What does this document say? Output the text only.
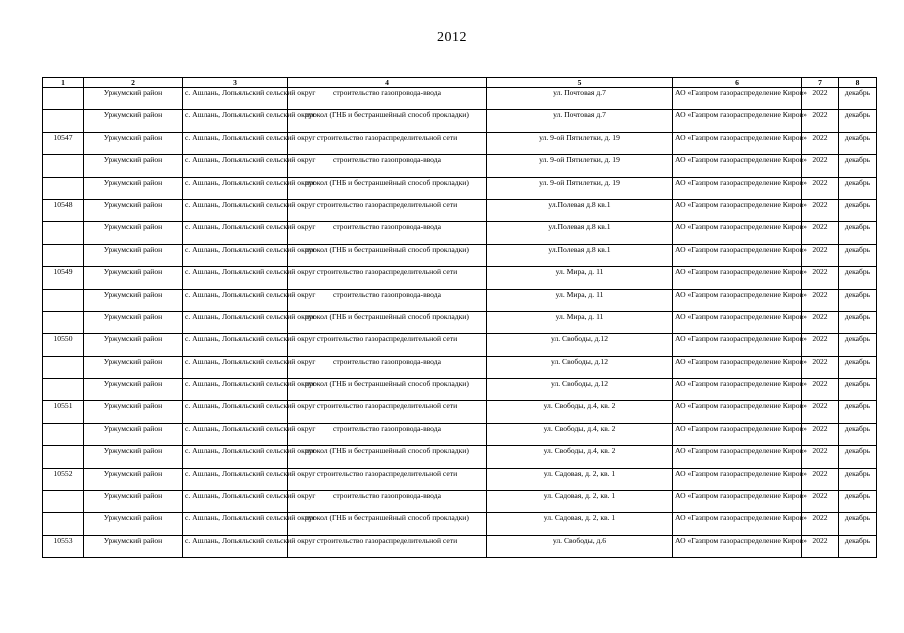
2012
1	2	3	4	5	6	7	8
	Уржумский район	с. Ашлань, Лопьяльский сельский округ	строительство газопровода-ввода	ул. Почтовая д.7	АО «Газпром газораспределение Киров»	2022	декабрь
	Уржумский район	с. Ашлань, Лопьяльский сельский округ	прокол (ГНБ и бестраншейный способ прокладки)	ул. Почтовая д.7	АО «Газпром газораспределение Киров»	2022	декабрь
10547	Уржумский район	с. Ашлань, Лопьяльский сельский округ	строительство газораспределительной сети	ул. 9-ой Пятилетки, д. 19	АО «Газпром газораспределение Киров»	2022	декабрь
	Уржумский район	с. Ашлань, Лопьяльский сельский округ	строительство газопровода-ввода	ул. 9-ой Пятилетки, д. 19	АО «Газпром газораспределение Киров»	2022	декабрь
	Уржумский район	с. Ашлань, Лопьяльский сельский округ	прокол (ГНБ и бестраншейный способ прокладки)	ул. 9-ой Пятилетки, д. 19	АО «Газпром газораспределение Киров»	2022	декабрь
10548	Уржумский район	с. Ашлань, Лопьяльский сельский округ	строительство газораспределительной сети	ул.Полевая д.8 кв.1	АО «Газпром газораспределение Киров»	2022	декабрь
	Уржумский район	с. Ашлань, Лопьяльский сельский округ	строительство газопровода-ввода	ул.Полевая д.8 кв.1	АО «Газпром газораспределение Киров»	2022	декабрь
	Уржумский район	с. Ашлань, Лопьяльский сельский округ	прокол (ГНБ и бестраншейный способ прокладки)	ул.Полевая д.8 кв.1	АО «Газпром газораспределение Киров»	2022	декабрь
10549	Уржумский район	с. Ашлань, Лопьяльский сельский округ	строительство газораспределительной сети	ул. Мира, д. 11	АО «Газпром газораспределение Киров»	2022	декабрь
	Уржумский район	с. Ашлань, Лопьяльский сельский округ	строительство газопровода-ввода	ул. Мира, д. 11	АО «Газпром газораспределение Киров»	2022	декабрь
	Уржумский район	с. Ашлань, Лопьяльский сельский округ	прокол (ГНБ и бестраншейный способ прокладки)	ул. Мира, д. 11	АО «Газпром газораспределение Киров»	2022	декабрь
10550	Уржумский район	с. Ашлань, Лопьяльский сельский округ	строительство газораспределительной сети	ул. Свободы, д.12	АО «Газпром газораспределение Киров»	2022	декабрь
	Уржумский район	с. Ашлань, Лопьяльский сельский округ	строительство газопровода-ввода	ул. Свободы, д.12	АО «Газпром газораспределение Киров»	2022	декабрь
	Уржумский район	с. Ашлань, Лопьяльский сельский округ	прокол (ГНБ и бестраншейный способ прокладки)	ул. Свободы, д.12	АО «Газпром газораспределение Киров»	2022	декабрь
10551	Уржумский район	с. Ашлань, Лопьяльский сельский округ	строительство газораспределительной сети	ул. Свободы, д.4, кв. 2	АО «Газпром газораспределение Киров»	2022	декабрь
	Уржумский район	с. Ашлань, Лопьяльский сельский округ	строительство газопровода-ввода	ул. Свободы, д.4, кв. 2	АО «Газпром газораспределение Киров»	2022	декабрь
	Уржумский район	с. Ашлань, Лопьяльский сельский округ	прокол (ГНБ и бестраншейный способ прокладки)	ул. Свободы, д.4, кв. 2	АО «Газпром газораспределение Киров»	2022	декабрь
10552	Уржумский район	с. Ашлань, Лопьяльский сельский округ	строительство газораспределительной сети	ул. Садовая, д. 2, кв. 1	АО «Газпром газораспределение Киров»	2022	декабрь
	Уржумский район	с. Ашлань, Лопьяльский сельский округ	строительство газопровода-ввода	ул. Садовая, д. 2, кв. 1	АО «Газпром газораспределение Киров»	2022	декабрь
	Уржумский район	с. Ашлань, Лопьяльский сельский округ	прокол (ГНБ и бестраншейный способ прокладки)	ул. Садовая, д. 2, кв. 1	АО «Газпром газораспределение Киров»	2022	декабрь
10553	Уржумский район	с. Ашлань, Лопьяльский сельский округ	строительство газораспределительной сети	ул. Свободы, д.6	АО «Газпром газораспределение Киров»	2022	декабрь
